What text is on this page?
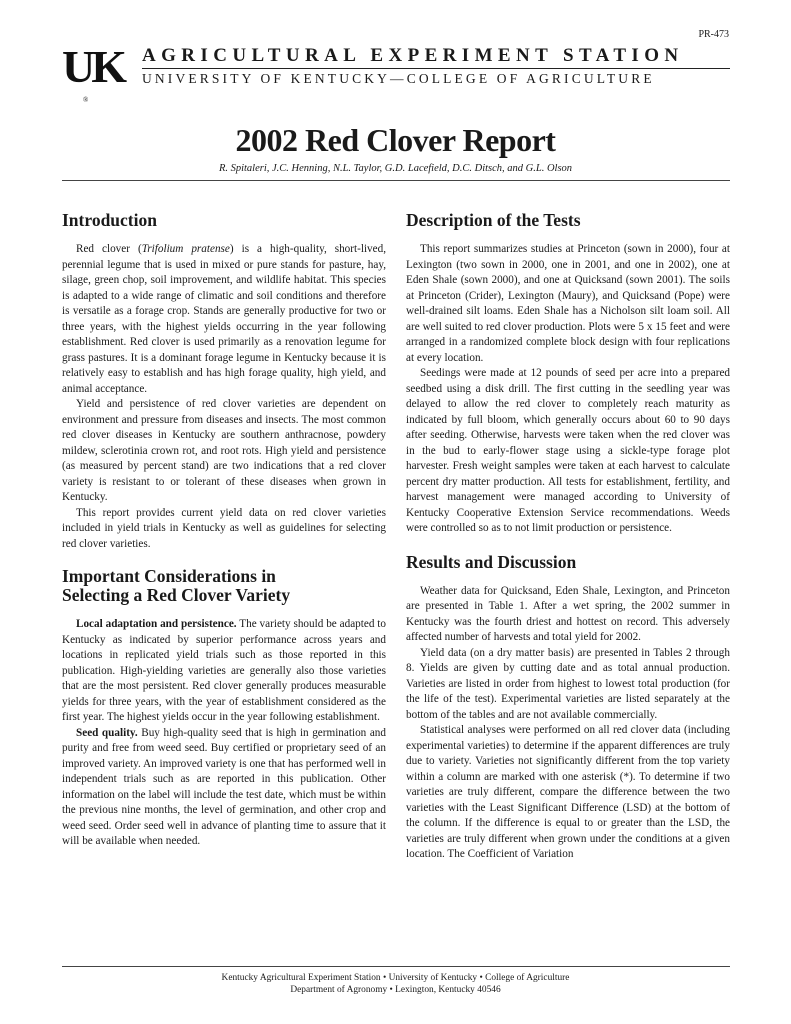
PR-473
UK
®
AGRICULTURAL EXPERIMENT STATION
UNIVERSITY OF KENTUCKY—COLLEGE OF AGRICULTURE
2002 Red Clover Report
R. Spitaleri, J.C. Henning, N.L. Taylor, G.D. Lacefield, D.C. Ditsch, and G.L. Olson
Introduction

Red clover (Trifolium pratense) is a high-quality, short-lived, perennial legume that is used in mixed or pure stands for pasture, hay, silage, green chop, soil improvement, and wildlife habitat. This species is adapted to a wide range of climatic and soil conditions and therefore is versatile as a forage crop. Stands are generally productive for two or three years, with the highest yields occurring in the year following establishment. Red clover is used primarily as a renovation legume for grass pastures. It is a dominant forage legume in Kentucky because it is relatively easy to establish and has high forage quality, high yield, and animal acceptance.

Yield and persistence of red clover varieties are dependent on environment and pressure from diseases and insects. The most common red clover diseases in Kentucky are southern anthracnose, powdery mildew, sclerotinia crown rot, and root rots. High yield and persistence (as measured by percent stand) are two indications that a red clover variety is resistant to or tolerant of these diseases when grown in Kentucky.

This report provides current yield data on red clover varieties included in yield trials in Kentucky as well as guidelines for selecting red clover varieties.

Important Considerations in
Selecting a Red Clover Variety

Local adaptation and persistence. The variety should be adapted to Kentucky as indicated by superior performance across years and locations in replicated yield trials such as those reported in this publication. High-yielding varieties are generally also those varieties that are the most persistent. Red clover generally produces measurable yields for three years, with the year of establishment considered as the first year. The highest yields occur in the year following establishment.

Seed quality. Buy high-quality seed that is high in germination and purity and free from weed seed. Buy certified or proprietary seed of an improved variety. An improved variety is one that has performed well in independent trials such as are reported in this publication. Other information on the label will include the test date, which must be within the previous nine months, the level of germination, and other crop and weed seed. Order seed well in advance of planting time to assure that it will be available when needed.

Description of the Tests

This report summarizes studies at Princeton (sown in 2000), four at Lexington (two sown in 2000, one in 2001, and one in 2002), one at Eden Shale (sown 2000), and one at Quicksand (sown 2001). The soils at Princeton (Crider), Lexington (Maury), and Quicksand (Pope) were well-drained silt loams. Eden Shale has a Nicholson silt loam soil. All are well suited to red clover production. Plots were 5 x 15 feet and were arranged in a randomized complete block design with four replications at every location.

Seedings were made at 12 pounds of seed per acre into a prepared seedbed using a disk drill. The first cutting in the seedling year was delayed to allow the red clover to completely reach maturity as indicated by full bloom, which generally occurs about 60 to 90 days after seeding. Otherwise, harvests were taken when the red clover was in the bud to early-flower stage using a sickle-type forage plot harvester. Fresh weight samples were taken at each harvest to calculate percent dry matter production. All tests for establishment, fertility, and harvest management were managed according to University of Kentucky Cooperative Extension Service recommendations. Weeds were controlled so as to not limit production or persistence.

Results and Discussion

Weather data for Quicksand, Eden Shale, Lexington, and Princeton are presented in Table 1. After a wet spring, the 2002 summer in Kentucky was the fourth driest and hottest on record. This adversely affected number of harvests and total yield for 2002.

Yield data (on a dry matter basis) are presented in Tables 2 through 8. Yields are given by cutting date and as total annual production. Varieties are listed in order from highest to lowest total production (for the life of the test). Experimental varieties are listed separately at the bottom of the tables and are not available commercially.

Statistical analyses were performed on all red clover data (including experimental varieties) to determine if the apparent differences are truly due to variety. Varieties not significantly different from the top variety within a column are marked with one asterisk (*). To determine if two varieties are truly different, compare the difference between the two varieties with the Least Significant Difference (LSD) at the bottom of the column. If the difference is equal to or greater than the LSD, the varieties are truly different when grown under the conditions at a given location. The Coefficient of Variation

Kentucky Agricultural Experiment Station • University of Kentucky • College of Agriculture
Department of Agronomy • Lexington, Kentucky 40546
